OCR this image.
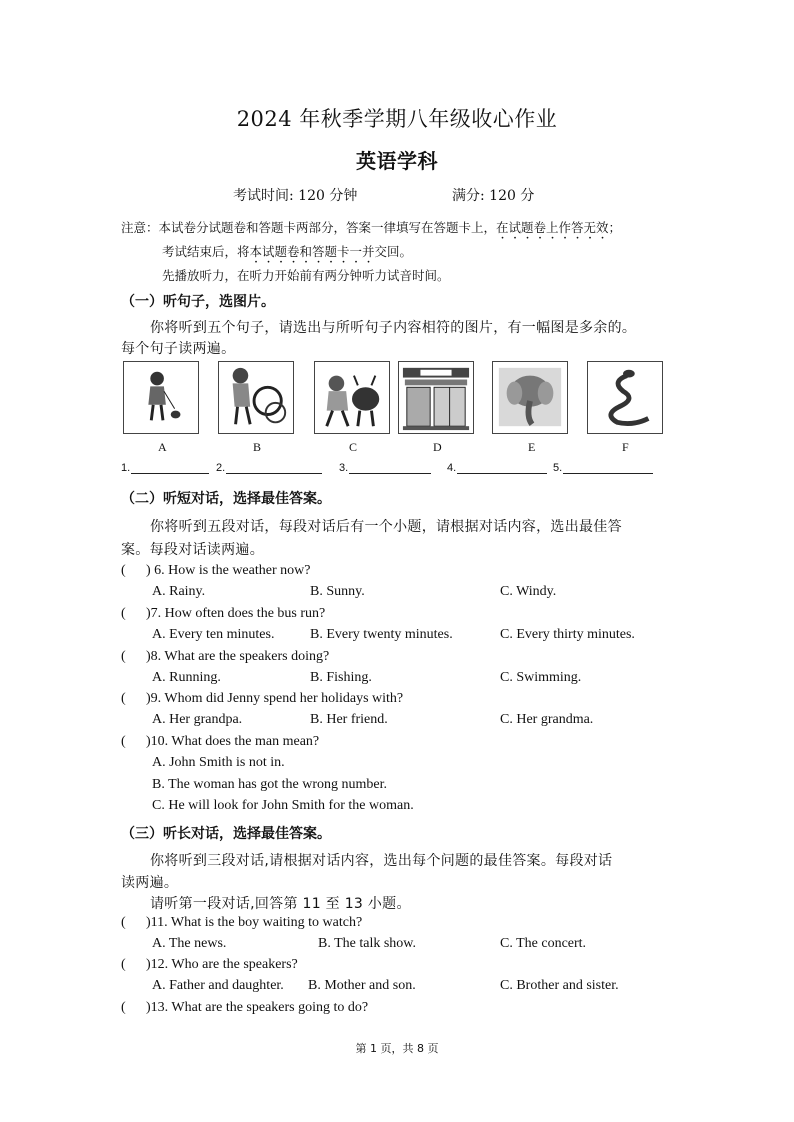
2024 年秋季学期八年级收心作业
英语学科
考试时间: 120 分钟	满分: 120 分
注意：本试卷分试题卷和答题卡两部分，答案一律填写在答题卡上，在试题卷上作答无效；
考试结束后，将本试题卷和答题卡一并交回。
先播放听力，在听力开始前有两分钟听力试音时间。
（一）听句子，选图片。
你将听到五个句子，请选出与所听句子内容相符的图片，有一幅图是多余的。
每个句子读两遍。
A	B	C	D	E	F
1.	2.	3.	4.	5.
（二）听短对话，选择最佳答案。
你将听到五段对话，每段对话后有一个小题，请根据对话内容，选出最佳答
案。每段对话读两遍。
( ) 6. How is the weather now?
A. Rainy.	B. Sunny.	C. Windy.
( )7. How often does the bus run?
A. Every ten minutes.	B. Every twenty minutes.	C. Every thirty minutes.
( )8. What are the speakers doing?
A. Running.	B. Fishing.	C. Swimming.
( )9. Whom did Jenny spend her holidays with?
A. Her grandpa.	B. Her friend.	C. Her grandma.
( )10. What does the man mean?
A. John Smith is not in.
B. The woman has got the wrong number.
C. He will look for John Smith for the woman.
（三）听长对话，选择最佳答案。
你将听到三段对话,请根据对话内容，选出每个问题的最佳答案。每段对话
读两遍。
请听第一段对话,回答第 11 至 13 小题。
( )11. What is the boy waiting to watch?
A. The news.	B. The talk show.	C. The concert.
( )12. Who are the speakers?
A. Father and daughter. B. Mother and son.	C. Brother and sister.
( )13. What are the speakers going to do?
第 1 页，共 8 页
